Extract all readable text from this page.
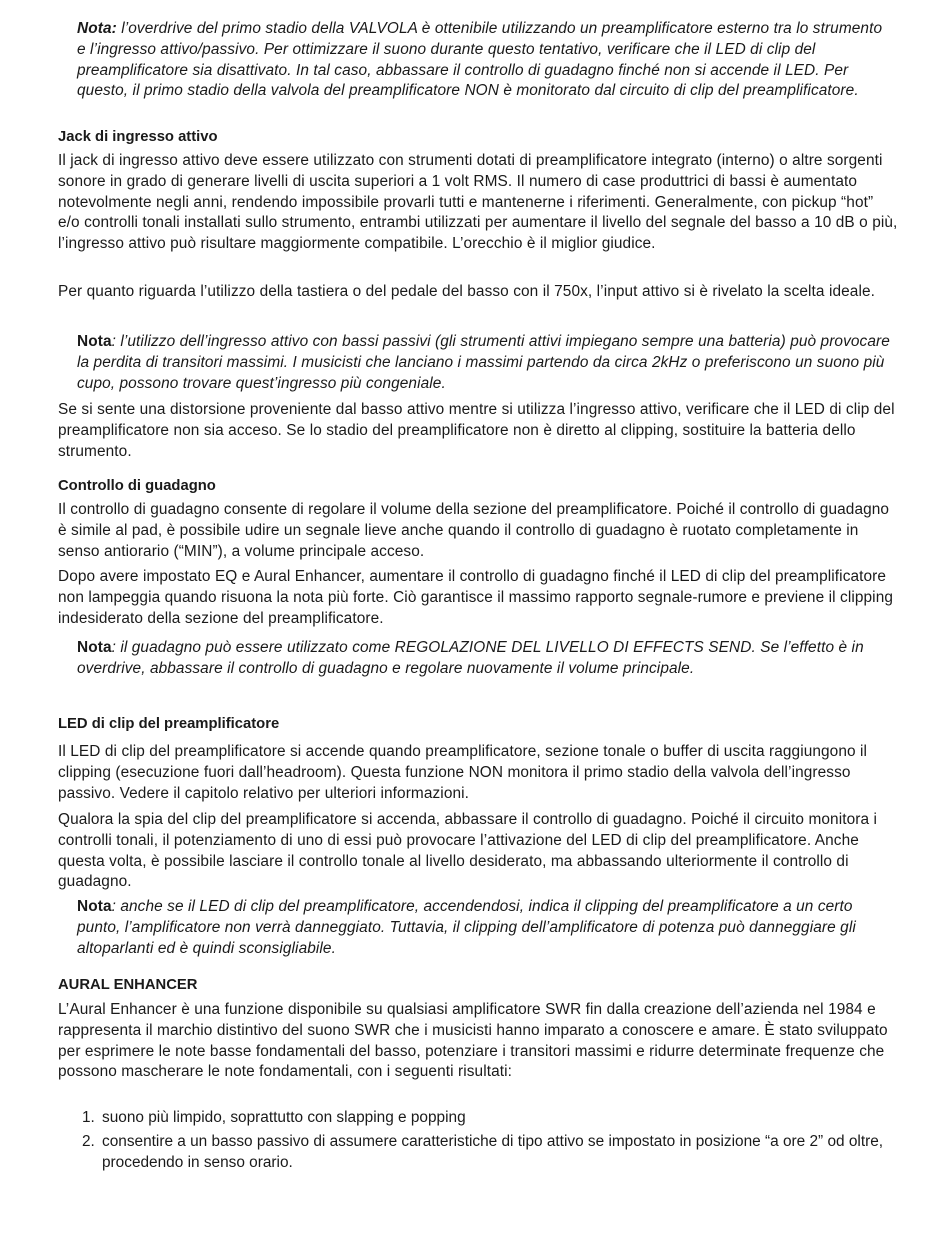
Nota: l’overdrive del primo stadio della VALVOLA è ottenibile utilizzando un preamplificatore esterno tra lo strumento e l’ingresso attivo/passivo. Per ottimizzare il suono durante questo tentativo, verificare che il LED di clip del preamplificatore sia disattivato. In tal caso, abbassare il controllo di guadagno finché non si accende il LED. Per questo, il primo stadio della valvola del preamplificatore NON è monitorato dal circuito di clip del preamplificatore.

Jack di ingresso attivo

Il jack di ingresso attivo deve essere utilizzato con strumenti dotati di preamplificatore integrato (interno) o altre sorgenti sonore in grado di generare livelli di uscita superiori a 1 volt RMS. Il numero di case produttrici di bassi è aumentato notevolmente negli anni, rendendo impossibile provarli tutti e mantenerne i riferimenti. Generalmente, con pickup “hot” e/o controlli tonali installati sullo strumento, entrambi utilizzati per aumentare il livello del segnale del basso a 10 dB o più, l’ingresso attivo può risultare maggiormente compatibile. L’orecchio è il miglior giudice.

Per quanto riguarda l’utilizzo della tastiera o del pedale del basso con il 750x, l’input attivo si è rivelato la scelta ideale.

Nota: l’utilizzo dell’ingresso attivo con bassi passivi (gli strumenti attivi impiegano sempre una batteria) può provocare la perdita di transitori massimi. I musicisti che lanciano i massimi partendo da circa 2kHz o preferiscono un suono più cupo, possono trovare quest’ingresso più congeniale.

Se si sente una distorsione proveniente dal basso attivo mentre si utilizza l’ingresso attivo, verificare che il LED di clip del preamplificatore non sia acceso. Se lo stadio del preamplificatore non è diretto al clipping, sostituire la batteria dello strumento.

Controllo di guadagno

Il controllo di guadagno consente di regolare il volume della sezione del preamplificatore. Poiché il controllo di guadagno è simile al pad, è possibile udire un segnale lieve anche quando il controllo di guadagno è ruotato completamente in senso antiorario (“MIN”), a volume principale acceso.

Dopo avere impostato EQ e Aural Enhancer, aumentare il controllo di guadagno finché il LED di clip del preamplificatore non lampeggia quando risuona la nota più forte. Ciò garantisce il massimo rapporto segnale-rumore e previene il clipping indesiderato della sezione del preamplificatore.

Nota: il guadagno può essere utilizzato come REGOLAZIONE DEL LIVELLO DI EFFECTS SEND. Se l’effetto è in overdrive, abbassare il controllo di guadagno e regolare nuovamente il volume principale.

LED di clip del preamplificatore

Il LED di clip del preamplificatore si accende quando preamplificatore, sezione tonale o buffer di uscita raggiungono il clipping (esecuzione fuori dall’headroom). Questa funzione NON monitora il primo stadio della valvola dell’ingresso passivo. Vedere il capitolo relativo per ulteriori informazioni.

Qualora la spia del clip del preamplificatore si accenda, abbassare il controllo di guadagno. Poiché il circuito monitora i controlli tonali, il potenziamento di uno di essi può provocare l’attivazione del LED di clip del preamplificatore. Anche questa volta, è possibile lasciare il controllo tonale al livello desiderato, ma abbassando ulteriormente il controllo di guadagno.

Nota: anche se il LED di clip del preamplificatore, accendendosi, indica il clipping del preamplificatore a un certo punto, l’amplificatore non verrà danneggiato. Tuttavia, il clipping dell’amplificatore di potenza può danneggiare gli altoparlanti ed è quindi sconsigliabile.

AURAL ENHANCER

L’Aural Enhancer è una funzione disponibile su qualsiasi amplificatore SWR fin dalla creazione dell’azienda nel 1984 e rappresenta il marchio distintivo del suono SWR che i musicisti hanno imparato a conoscere e amare. È stato sviluppato per esprimere le note basse fondamentali del basso, potenziare i transitori massimi e ridurre determinate frequenze che possono mascherare le note fondamentali, con i seguenti risultati:

1. suono più limpido, soprattutto con slapping e popping
2. consentire a un basso passivo di assumere caratteristiche di tipo attivo se impostato in posizione “a ore 2” od oltre, procedendo in senso orario.
